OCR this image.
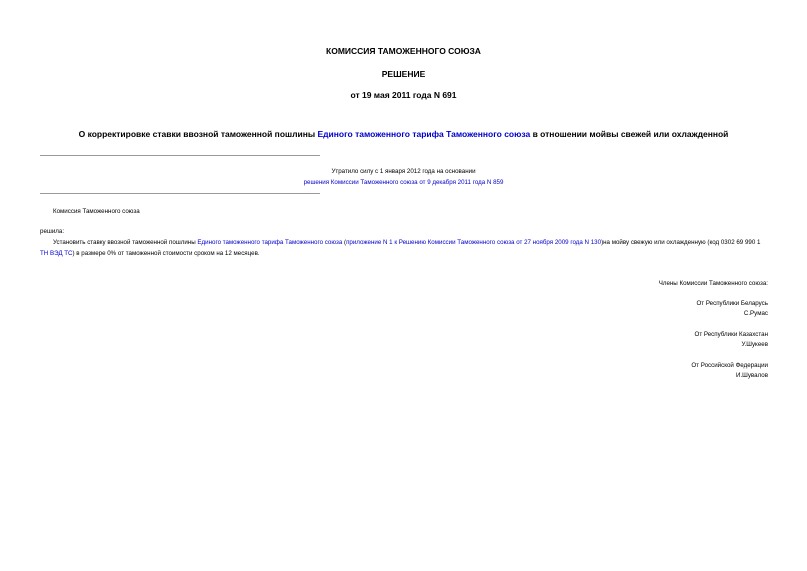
КОМИССИЯ ТАМОЖЕННОГО СОЮЗА
РЕШЕНИЕ
от 19 мая 2011 года N 691
О корректировке ставки ввозной таможенной пошлины Единого таможенного тарифа Таможенного союза в отношении мойвы свежей или охлажденной
Утратило силу с 1 января 2012 года на основании
решения Комиссии Таможенного союза от 9 декабря 2011 года N 859
Комиссия Таможенного союза
решила:
Установить ставку ввозной таможенной пошлины Единого таможенного тарифа Таможенного союза (приложение N 1 к Решению Комиссии Таможенного союза от 27 ноября 2009 года N 130)на мойву свежую или охлажденную (код 0302 69 990 1 ТН ВЭД ТС) в размере 0% от таможенной стоимости сроком на 12 месяцев.
Члены Комиссии Таможенного союза:
От Республики Беларусь
С.Румас
От Республики Казахстан
У.Шукеев
От Российской Федерации
И.Шувалов
